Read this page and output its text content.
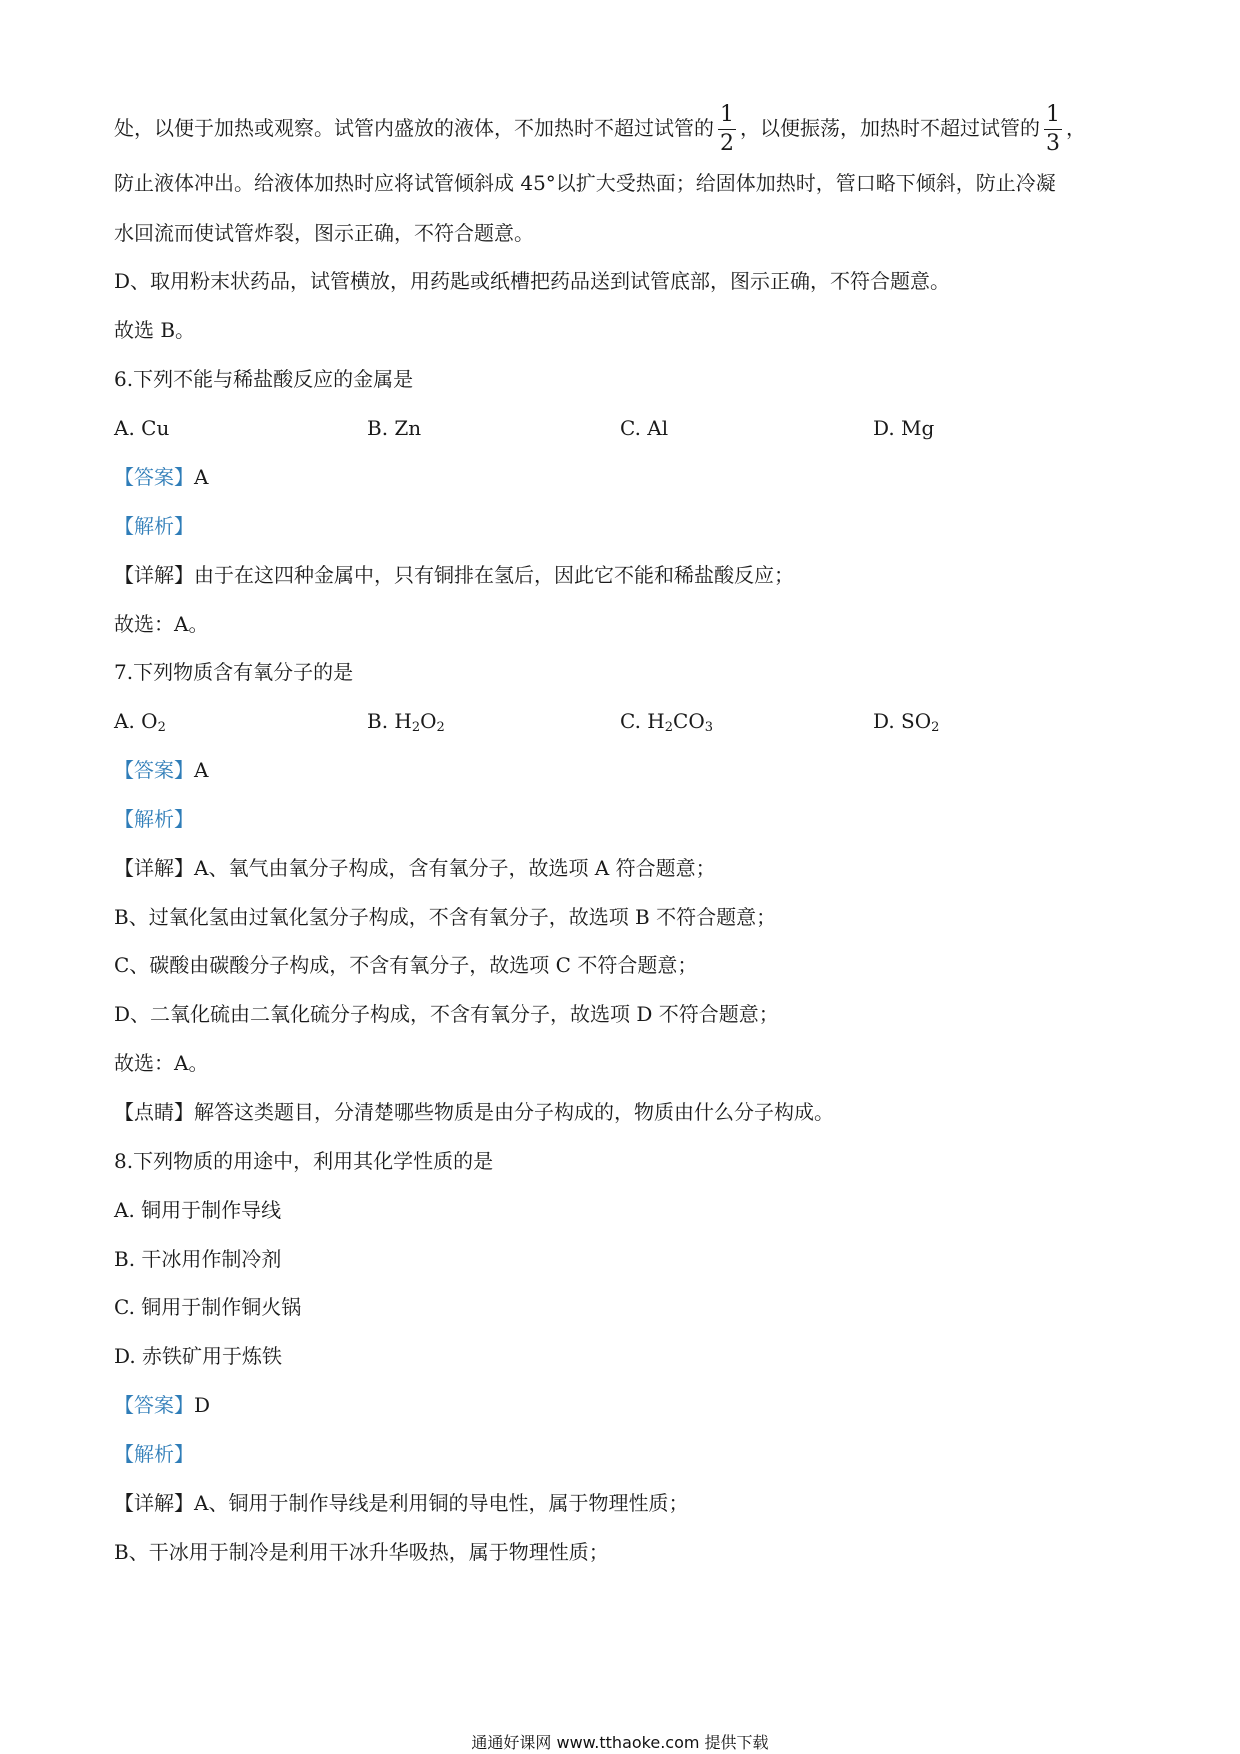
处，以便于加热或观察。试管内盛放的液体，不加热时不超过试管的 $\frac{1}{2}$ ，以便振荡，加热时不超过试管的 $\frac{1}{3}$ ，
防止液体冲出。给液体加热时应将试管倾斜成 45°以扩大受热面；给固体加热时，管口略下倾斜，防止冷凝
水回流而使试管炸裂，图示正确，不符合题意。
D、取用粉末状药品，试管横放，用药匙或纸槽把药品送到试管底部，图示正确，不符合题意。
故选 B。
6.下列不能与稀盐酸反应的金属是
A. Cu	B. Zn	C. Al	D. Mg
【答案】A
【解析】
【详解】由于在这四种金属中，只有铜排在氢后，因此它不能和稀盐酸反应；
故选：A。
7.下列物质含有氧分子的是
A. $O_2$	B. $H_2O_2$	C. $H_2CO_3$	D. $SO_2$
【答案】A
【解析】
【详解】A、氧气由氧分子构成，含有氧分子，故选项 A 符合题意；
B、过氧化氢由过氧化氢分子构成，不含有氧分子，故选项 B 不符合题意；
C、碳酸由碳酸分子构成，不含有氧分子，故选项 C 不符合题意；
D、二氧化硫由二氧化硫分子构成，不含有氧分子，故选项 D 不符合题意；
故选：A。
【点睛】解答这类题目，分清楚哪些物质是由分子构成的，物质由什么分子构成。
8.下列物质的用途中，利用其化学性质的是
A. 铜用于制作导线
B. 干冰用作制冷剂
C. 铜用于制作铜火锅
D. 赤铁矿用于炼铁
【答案】D
【解析】
【详解】A、铜用于制作导线是利用铜的导电性，属于物理性质；
B、干冰用于制冷是利用干冰升华吸热，属于物理性质；
通通好课网 www.tthaoke.com 提供下载
